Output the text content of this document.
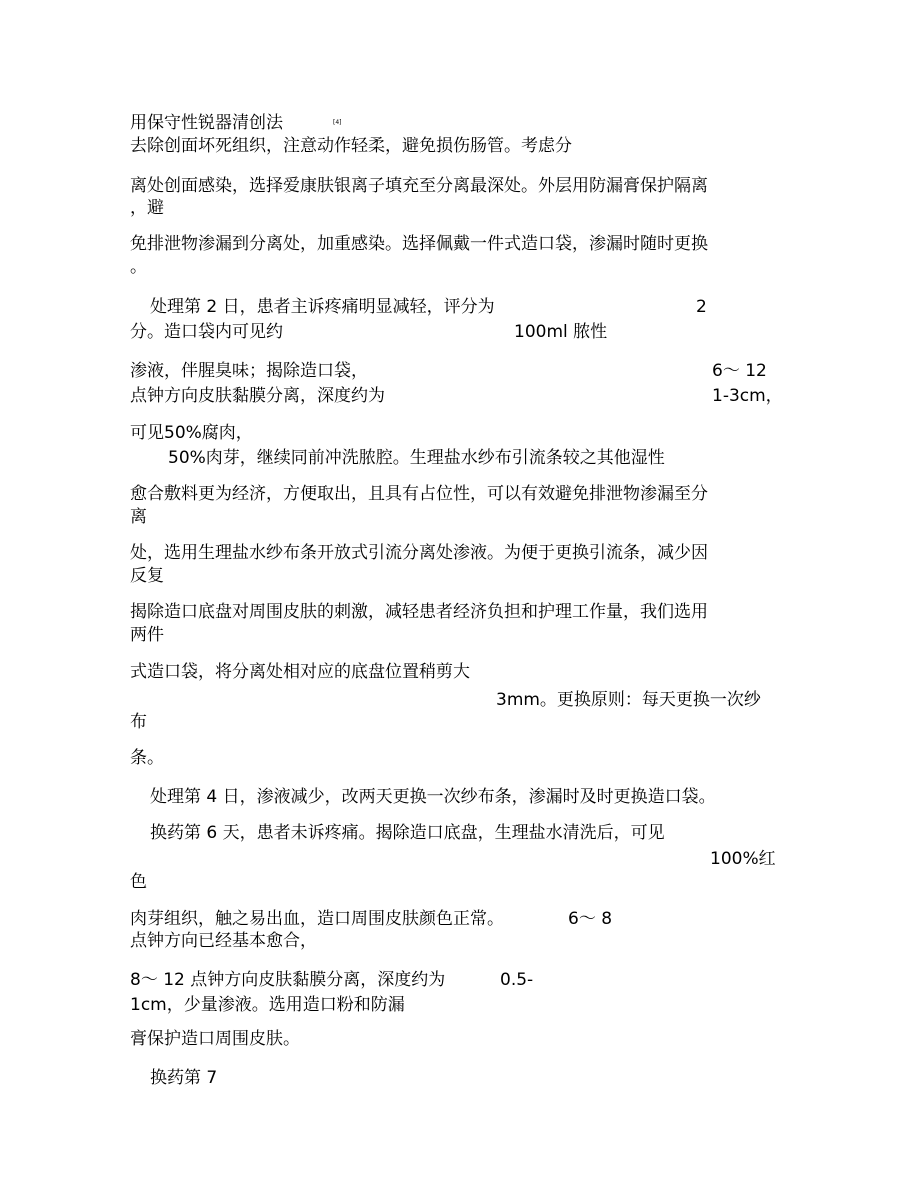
用保守性锐器清创法	[4]

去除创面坏死组织，注意动作轻柔，避免损伤肠管。考虑分

离处创面感染，选择爱康肤银离子填充至分离最深处。外层用防漏膏保护隔离

，避

免排泄物渗漏到分离处，加重感染。选择佩戴一件式造口袋，渗漏时随时更换

。

处理第 2 日，患者主诉疼痛明显减轻，评分为	2

分。造口袋内可见约	100ml 脓性

渗液，伴腥臭味；揭除造口袋，	6～ 12

点钟方向皮肤黏膜分离，深度约为	1-3cm，

可见50%腐肉，

50%肉芽，继续同前冲洗脓腔。生理盐水纱布引流条较之其他湿性

愈合敷料更为经济，方便取出，且具有占位性，可以有效避免排泄物渗漏至分

离

处，选用生理盐水纱布条开放式引流分离处渗液。为便于更换引流条，减少因

反复

揭除造口底盘对周围皮肤的刺激，减轻患者经济负担和护理工作量，我们选用

两件

式造口袋，将分离处相对应的底盘位置稍剪大

3mm。更换原则：每天更换一次纱

布

条。

处理第 4 日，渗液减少，改两天更换一次纱布条，渗漏时及时更换造口袋。

换药第 6 天，患者未诉疼痛。揭除造口底盘，生理盐水清洗后，可见

100%红

色

肉芽组织，触之易出血，造口周围皮肤颜色正常。	6～ 8

点钟方向已经基本愈合，

8～ 12 点钟方向皮肤黏膜分离，深度约为	0.5-

1cm，少量渗液。选用造口粉和防漏

膏保护造口周围皮肤。

换药第 7
